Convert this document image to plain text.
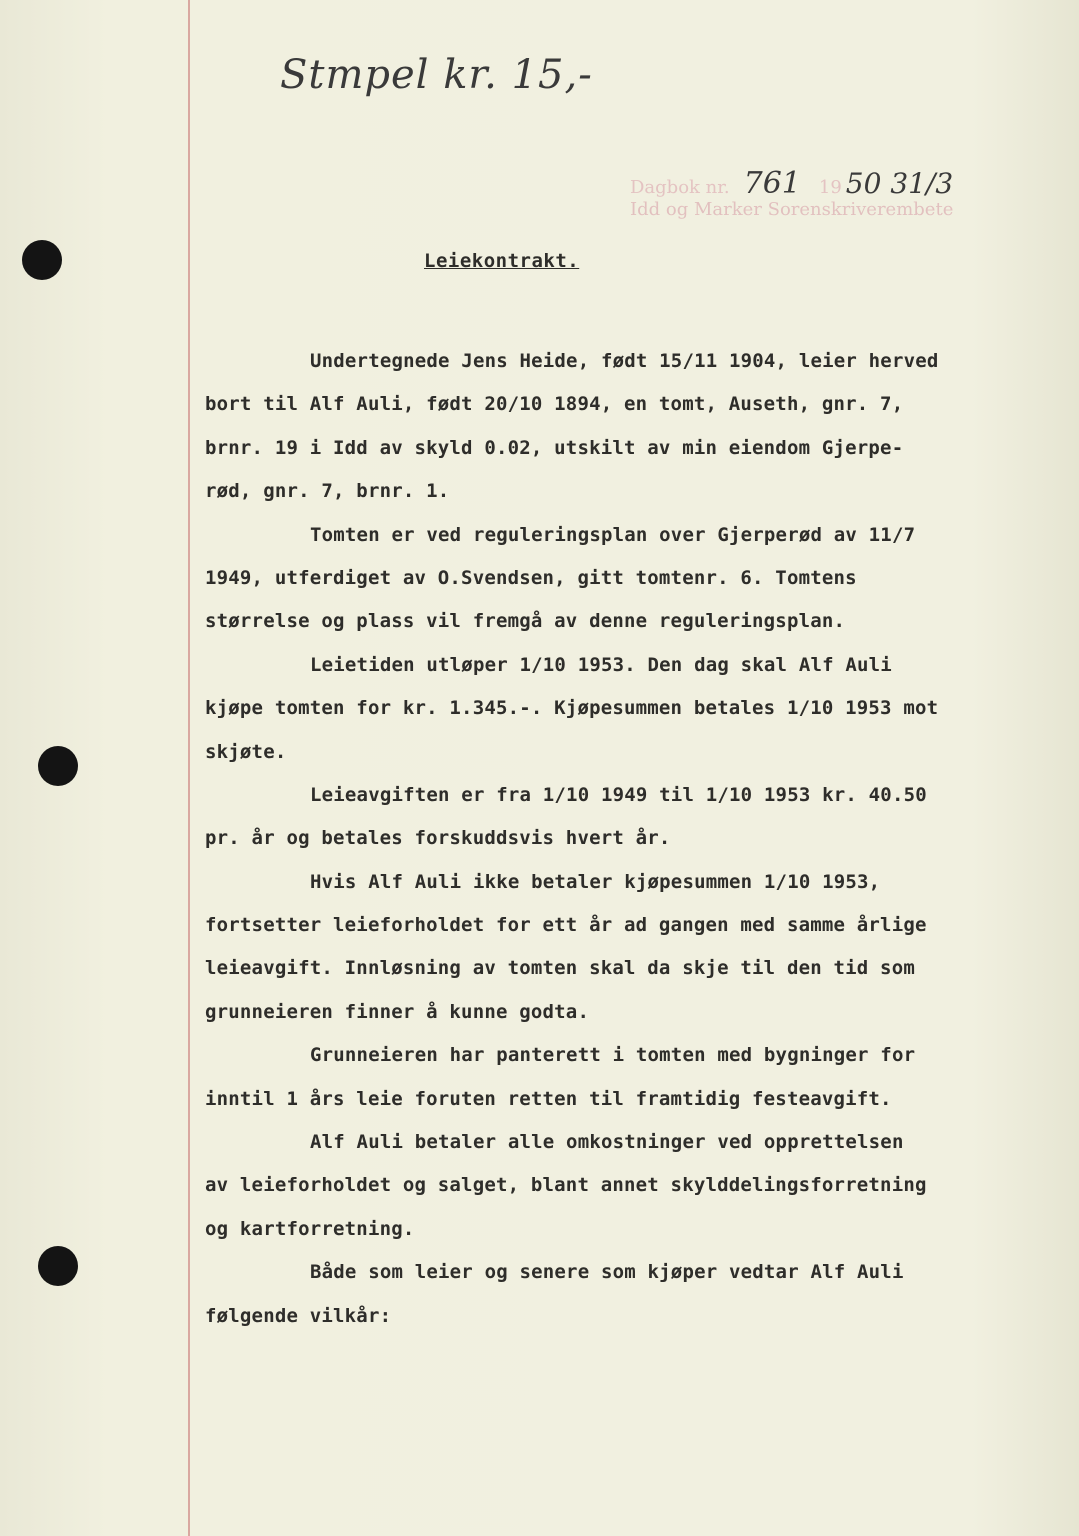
Stmpel kr. 15,-
Dagbok nr. 761 19 50 31/3
Idd og Marker Sorenskriverembete
Leiekontrakt.
Undertegnede Jens Heide, født 15/11 1904, leier herved
bort til Alf Auli, født 20/10 1894, en tomt, Auseth, gnr. 7,
brnr. 19 i Idd av skyld 0.02, utskilt av min eiendom Gjerpe-
rød, gnr. 7, brnr. 1.
Tomten er ved reguleringsplan over Gjerperød av 11/7
1949, utferdiget av O.Svendsen, gitt tomtenr. 6. Tomtens
størrelse og plass vil fremgå av denne reguleringsplan.
Leietiden utløper 1/10 1953. Den dag skal Alf Auli
kjøpe tomten for kr. 1.345.-. Kjøpesummen betales 1/10 1953 mot
skjøte.
Leieavgiften er fra 1/10 1949 til 1/10 1953 kr. 40.50
pr. år og betales forskuddsvis hvert år.
Hvis Alf Auli ikke betaler kjøpesummen 1/10 1953,
fortsetter leieforholdet for ett år ad gangen med samme årlige
leieavgift. Innløsning av tomten skal da skje til den tid som
grunneieren finner å kunne godta.
Grunneieren har panterett i tomten med bygninger for
inntil 1 års leie foruten retten til framtidig festeavgift.
Alf Auli betaler alle omkostninger ved opprettelsen
av leieforholdet og salget, blant annet skylddelingsforretning
og kartforretning.
Både som leier og senere som kjøper vedtar Alf Auli
følgende vilkår:
